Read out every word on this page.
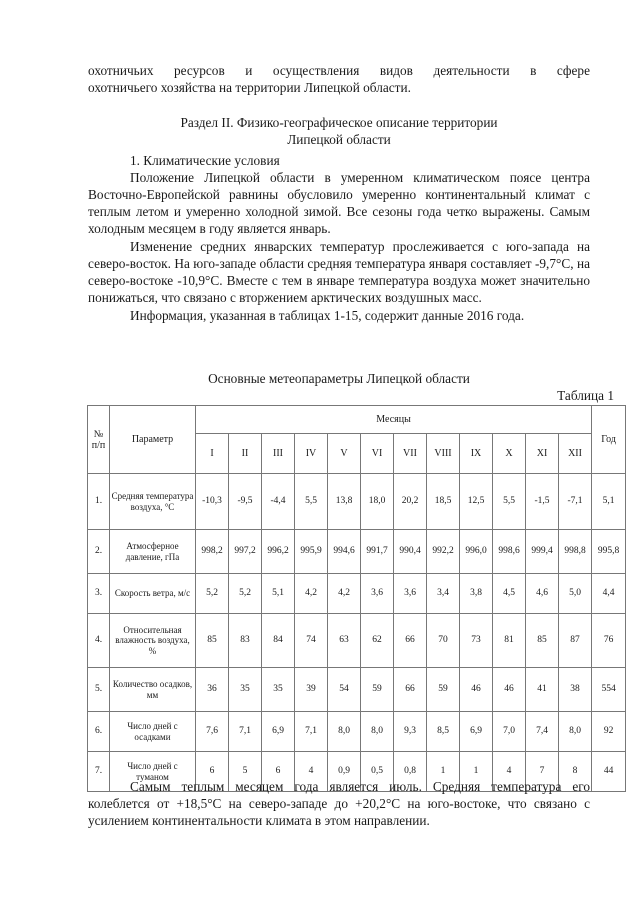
охотничьих ресурсов и осуществления видов деятельности в сфере

охотничьего хозяйства на территории Липецкой области.

Раздел II. Физико-географическое описание территории

Липецкой области

1. Климатические условия

Положение Липецкой области в умеренном климатическом поясе центра Восточно-Европейской равнины обусловило умеренно континентальный климат с теплым летом и умеренно холодной зимой. Все сезоны года четко выражены. Самым холодным месяцем в году является январь.

Изменение средних январских температур прослеживается с юго-запада на северо-восток. На юго-западе области средняя температура января составляет -9,7°С, на северо-востоке -10,9°С. Вместе с тем в январе температура воздуха может значительно понижаться, что связано с вторжением арктических воздушных масс.

Информация, указанная в таблицах 1-15, содержит данные 2016 года.

Основные метеопараметры Липецкой области

Таблица 1
№ п/п	Параметр	Месяцы												Год
		I	II	III	IV	V	VI	VII	VIII	IX	X	XI	XII	
1.	Средняя температура воздуха, °С	-10,3	-9,5	-4,4	5,5	13,8	18,0	20,2	18,5	12,5	5,5	-1,5	-7,1	5,1
2.	Атмосферное давление, гПа	998,2	997,2	996,2	995,9	994,6	991,7	990,4	992,2	996,0	998,6	999,4	998,8	995,8
3.	Скорость ветра, м/с	5,2	5,2	5,1	4,2	4,2	3,6	3,6	3,4	3,8	4,5	4,6	5,0	4,4
4.	Относительная влажность воздуха, %	85	83	84	74	63	62	66	70	73	81	85	87	76
5.	Количество осадков, мм	36	35	35	39	54	59	66	59	46	46	41	38	554
6.	Число дней с осадками	7,6	7,1	6,9	7,1	8,0	8,0	9,3	8,5	6,9	7,0	7,4	8,0	92
7.	Число дней с туманом	6	5	6	4	0,9	0,5	0,8	1	1	4	7	8	44

Самым теплым месяцем года является июль. Средняя температура его колеблется от +18,5°С на северо-западе до +20,2°С на юго-востоке, что связано с усилением континентальности климата в этом направлении.
